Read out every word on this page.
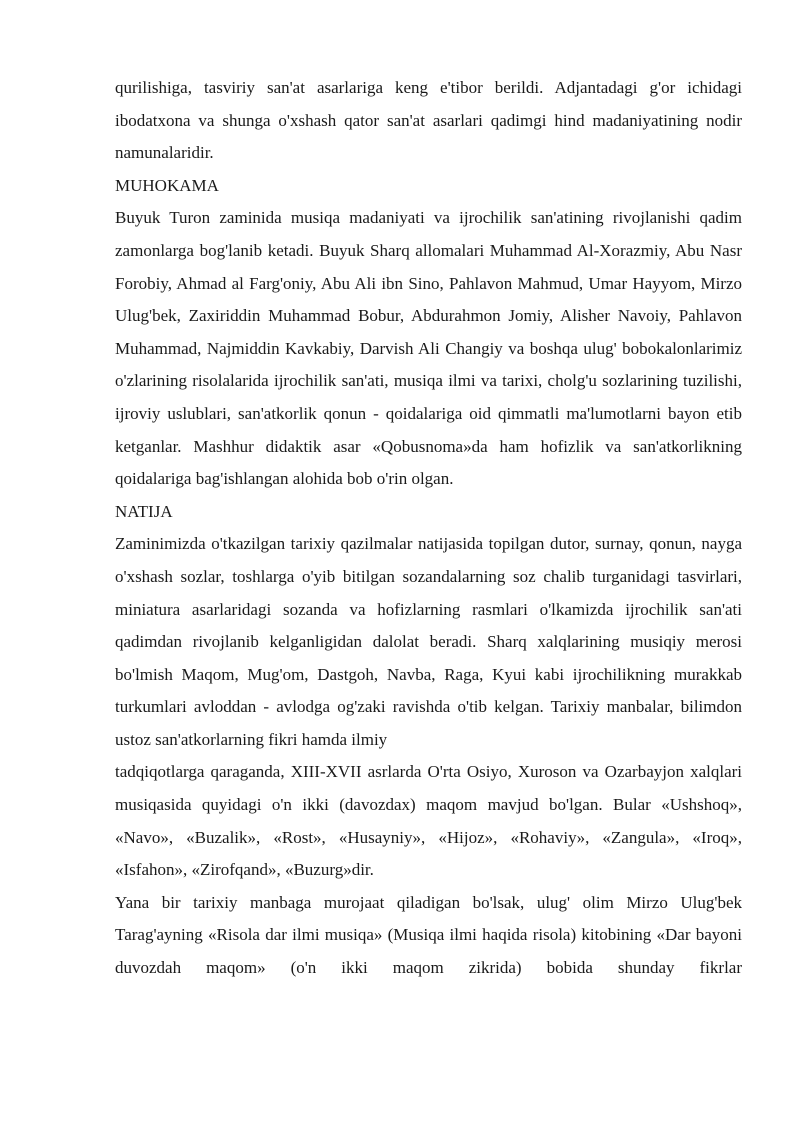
qurilishiga, tasviriy san'at asarlariga keng e'tibor berildi. Adjantadagi g'or ichidagi ibodatxona va shunga o'xshash qator san'at asarlari qadimgi hind madaniyatining nodir namunalaridir.

MUHOKAMA

Buyuk Turon zaminida musiqa madaniyati va ijrochilik san'atining rivojlanishi qadim zamonlarga bog'lanib ketadi. Buyuk Sharq allomalari Muhammad Al-Xorazmiy, Abu Nasr Forobiy, Ahmad al Farg'oniy, Abu Ali ibn Sino, Pahlavon Mahmud, Umar Hayyom, Mirzo Ulug'bek, Zaxiriddin Muhammad Bobur, Abdurahmon Jomiy, Alisher Navoiy, Pahlavon Muhammad, Najmiddin Kavkabiy, Darvish Ali Changiy va boshqa ulug' bobokalonlarimiz o'zlarining risolalarida ijrochilik san'ati, musiqa ilmi va tarixi, cholg'u sozlarining tuzilishi, ijroviy uslublari, san'atkorlik qonun - qoidalariga oid qimmatli ma'lumotlarni bayon etib ketganlar. Mashhur didaktik asar «Qobusnoma»da ham hofizlik va san'atkorlikning qoidalariga bag'ishlangan alohida bob o'rin olgan.

NATIJA

Zaminimizda o'tkazilgan tarixiy qazilmalar natijasida topilgan dutor, surnay, qonun, nayga o'xshash sozlar, toshlarga o'yib bitilgan sozandalarning soz chalib turganidagi tasvirlari, miniatura asarlaridagi sozanda va hofizlarning rasmlari o'lkamizda ijrochilik san'ati qadimdan rivojlanib kelganligidan dalolat beradi. Sharq xalqlarining musiqiy merosi bo'lmish Maqom, Mug'om, Dastgoh, Navba, Raga, Kyui kabi ijrochilikning murakkab turkumlari avloddan - avlodga og'zaki ravishda o'tib kelgan. Tarixiy manbalar, bilimdon ustoz san'atkorlarning fikri hamda ilmiy

tadqiqotlarga qaraganda, XIII-XVII asrlarda O'rta Osiyo, Xuroson va Ozarbayjon xalqlari musiqasida quyidagi o'n ikki (davozdax) maqom mavjud bo'lgan. Bular «Ushshoq», «Navo», «Buzalik», «Rost», «Husayniy», «Hijoz», «Rohaviy», «Zangula», «Iroq», «Isfahon», «Zirofqand», «Buzurg»dir.

Yana bir tarixiy manbaga murojaat qiladigan bo'lsak, ulug' olim Mirzo Ulug'bek Tarag'ayning «Risola dar ilmi musiqa» (Musiqa ilmi haqida risola) kitobining «Dar bayoni duvozdah maqom» (o'n ikki maqom zikrida) bobida shunday fikrlar
